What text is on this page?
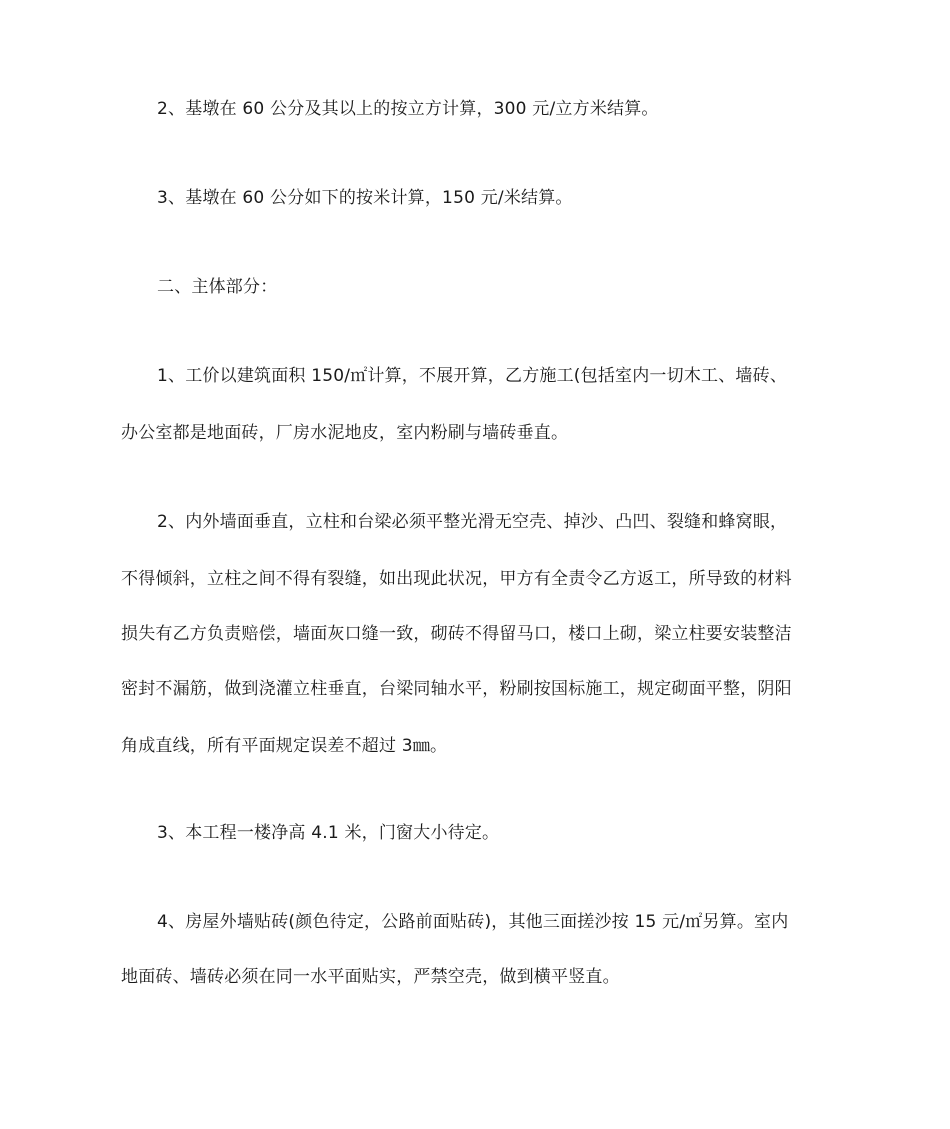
2、基墩在 60 公分及其以上的按立方计算，300 元/立方米结算。
3、基墩在 60 公分如下的按米计算，150 元/米结算。
二、主体部分：
1、工价以建筑面积 150/㎡计算，不展开算，乙方施工(包括室内一切木工、墙砖、
办公室都是地面砖，厂房水泥地皮，室内粉刷与墙砖垂直。
2、内外墙面垂直，立柱和台梁必须平整光滑无空壳、掉沙、凸凹、裂缝和蜂窝眼，
不得倾斜，立柱之间不得有裂缝，如出现此状况，甲方有全责令乙方返工，所导致的材料
损失有乙方负责赔偿，墙面灰口缝一致，砌砖不得留马口，楼口上砌，梁立柱要安装整洁
密封不漏筋，做到浇灌立柱垂直，台梁同轴水平，粉刷按国标施工，规定砌面平整，阴阳
角成直线，所有平面规定误差不超过 3㎜。
3、本工程一楼净高 4.1 米，门窗大小待定。
4、房屋外墙贴砖(颜色待定，公路前面贴砖)，其他三面搓沙按 15 元/㎡另算。室内
地面砖、墙砖必须在同一水平面贴实，严禁空壳，做到横平竖直。
